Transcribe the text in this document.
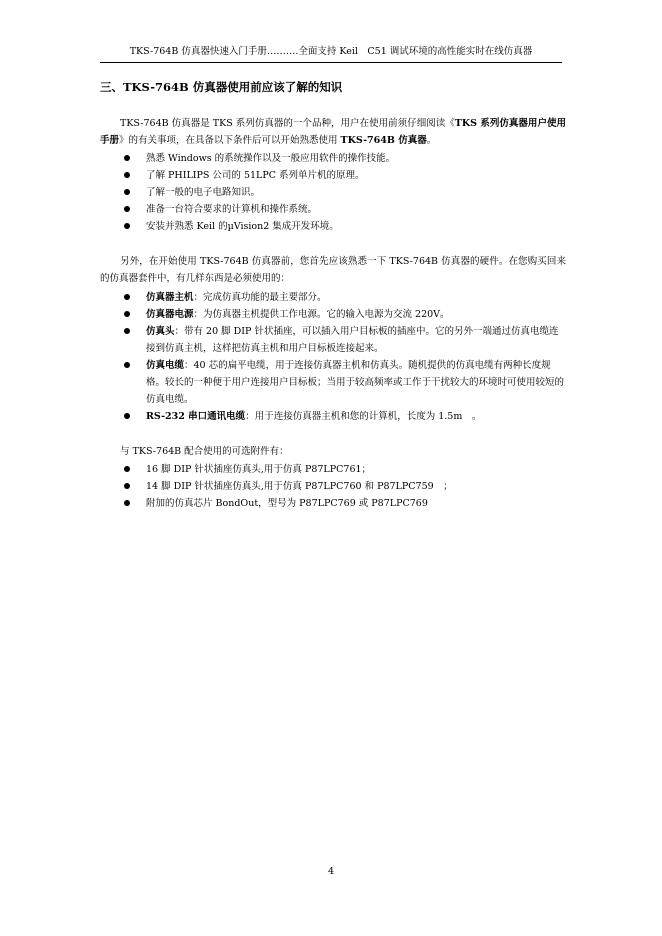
TKS-764B 仿真器快速入门手册……….全面支持 Keil　C51 调试环境的高性能实时在线仿真器
三、TKS-764B 仿真器使用前应该了解的知识

TKS-764B 仿真器是 TKS 系列仿真器的一个品种，用户在使用前须仔细阅读《TKS 系列仿真器用户使用手册》的有关事项，在具备以下条件后可以开始熟悉使用 TKS-764B 仿真器。

熟悉 Windows 的系统操作以及一般应用软件的操作技能。
了解 PHILIPS 公司的 51LPC 系列单片机的原理。
了解一般的电子电路知识。
准备一台符合要求的计算机和操作系统。
安装并熟悉 Keil 的µVision2 集成开发环境。

另外，在开始使用 TKS-764B 仿真器前，您首先应该熟悉一下 TKS-764B 仿真器的硬件。在您购买回来的仿真器套件中，有几样东西是必须使用的：

仿真器主机：完成仿真功能的最主要部分。
仿真器电源：为仿真器主机提供工作电源。它的输入电源为交流 220V。
仿真头：带有 20 脚 DIP 针状插座，可以插入用户目标板的插座中。它的另外一端通过仿真电缆连接到仿真主机，这样把仿真主机和用户目标板连接起来。
仿真电缆：40 芯的扁平电缆，用于连接仿真器主机和仿真头。随机提供的仿真电缆有两种长度规格。较长的一种便于用户连接用户目标板；当用于较高频率或工作于干扰较大的环境时可使用较短的仿真电缆。
RS-232 串口通讯电缆：用于连接仿真器主机和您的计算机，长度为 1.5m　。

与 TKS-764B 配合使用的可选附件有：

16 脚 DIP 针状插座仿真头,用于仿真 P87LPC761；
14 脚 DIP 针状插座仿真头,用于仿真 P87LPC760 和 P87LPC759　；
附加的仿真芯片 BondOut，型号为 P87LPC769 或 P87LPC769
4
